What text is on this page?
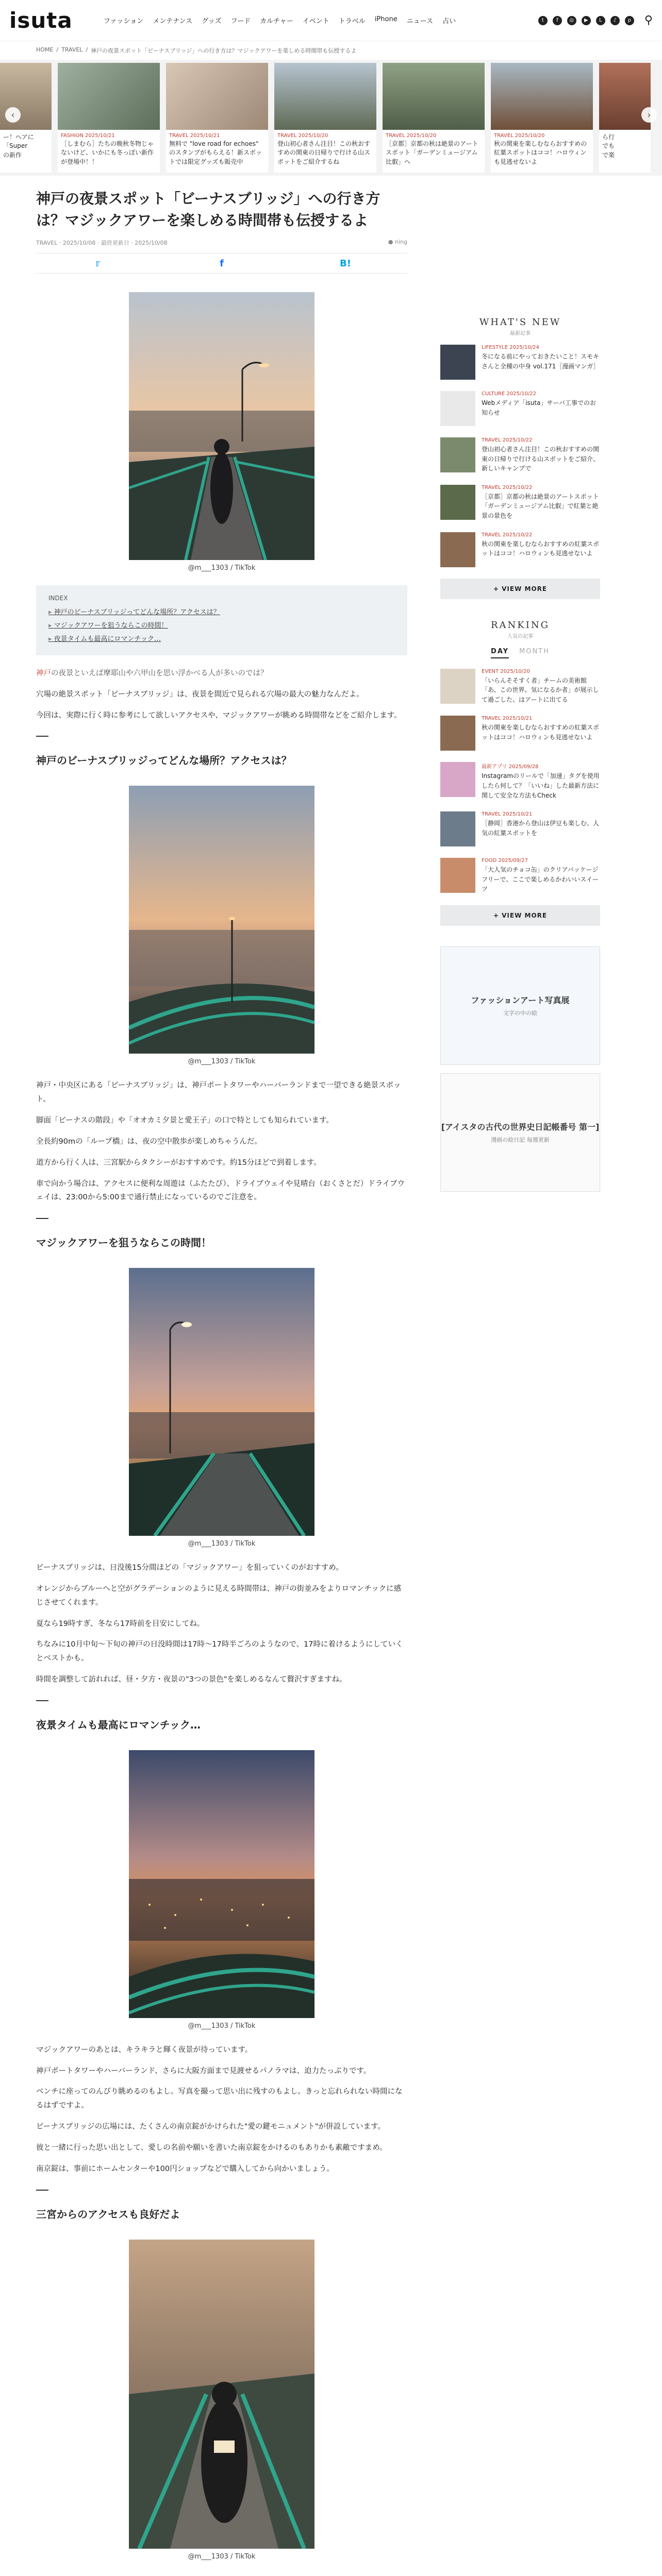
isuta	ファッション メンテナンス グッズ フード カルチャー イベント トラベル iPhone ニュース 占い	t	f	◎	▶	L	♪	p ⚲
HOME / TRAVEL / 神戸の夜景スポット「ビーナスブリッジ」への行き方は？マジックアワーを楽しめる時間帯も伝授するよ
ー！ヘアに
「Super
の新作
FASHION 2025/10/21
［しまむら］たちの晩秋冬物じゃないけど、いかにも冬っぽい新作が登場中！！
TRAVEL 2025/10/21
無料で "love road for echoes" のスタンプがもらえる！新スポットでは限定グッズも販売中
TRAVEL 2025/10/20
登山初心者さん注目！この秋おすすめの関東の日帰りで行ける山スポットをご紹介するね
TRAVEL 2025/10/20
［京都］京都の秋は絶景のアートスポット「ガーデンミュージアム比叡」へ
TRAVEL 2025/10/20
秋の関東を楽しむならおすすめの紅葉スポットはココ！ハロウィンも見逃せないよ
ら行
でも
で楽
‹	›
神戸の夜景スポット「ビーナスブリッジ」への行き方は？マジックアワーを楽しめる時間帯も伝授するよ
TRAVEL · 2025/10/08 · 最終更新日 · 2025/10/08	● ning
𝕣	f	B!
@m___1303 / TikTok
INDEX
▸ 神戸のビーナスブリッジってどんな場所？アクセスは？
▸ マジックアワーを狙うならこの時間！
▸ 夜景タイムも最高にロマンチック…

神戸の夜景といえば摩耶山や六甲山を思い浮かべる人が多いのでは？

穴場の絶景スポット「ビーナスブリッジ」は、夜景を間近で見られる穴場の最大の魅力なんだよ。

今回は、実際に行く時に参考にして欲しいアクセスや、マジックアワーが眺める時間帯などをご紹介します。

神戸のビーナスブリッジってどんな場所？アクセスは？
@m___1303 / TikTok

神戸・中央区にある「ビーナスブリッジ」は、神戸ポートタワーやハーバーランドまで一望できる絶景スポット。

脚面「ビーナスの階段」や「オオカミ夕景と愛王子」の口で特としても知られています。

全長約90mの「ループ橋」は、夜の空中散歩が楽しめちゃうんだ。

道方から行く人は、三宮駅からタクシーがおすすめです。約15分ほどで到着します。

車で向かう場合は、アクセスに便利な周遊は（ふたたび）、ドライブウェイや見晴台（おくさとだ）ドライブウェイは、23:00から5:00まで通行禁止になっているのでご注意を。

マジックアワーを狙うならこの時間！
@m___1303 / TikTok

ビーナスブリッジは、日没後15分間ほどの「マジックアワー」を狙っていくのがおすすめ。

オレンジからブルーへと空がグラデーションのように見える時間帯は、神戸の街並みをよりロマンチックに感じさせてくれます。

夏なら19時すぎ、冬なら17時前を目安にしてね。

ちなみに10月中旬〜下旬の神戸の日没時間は17時〜17時半ごろのようなので、17時に着けるようにしていくとベストかも。

時間を調整して訪れれば、昼・夕方・夜景の"3つの景色"を楽しめるなんて贅沢すぎますね。

夜景タイムも最高にロマンチック…
@m___1303 / TikTok

マジックアワーのあとは、キラキラと輝く夜景が待っています。

神戸ポートタワーやハーバーランド、さらに大阪方面まで見渡せるパノラマは、迫力たっぷりです。

ベンチに座ってのんびり眺めるのもよし。写真を撮って思い出に残すのもよし。きっと忘れられない時間になるはずですよ。

ビーナスブリッジの広場には、たくさんの南京錠がかけられた"愛の鍵モニュメント"が併設しています。

彼と一緒に行った思い出として、愛しの名前や願いを書いた南京錠をかけるのもありかも素敵ですまめ。

南京錠は、事前にホームセンターや100円ショップなどで購入してから向かいましょう。

三宮からのアクセスも良好だよ
@m___1303 / TikTok

WHAT'S NEW
最新記事
LIFESTYLE 2025/10/24
冬になる前にやっておきたいこと！スモキさんと全種の中身 vol.171［漫画マンガ］
CULTURE 2025/10/22
Webメディア「isuta」サーバ工事でのお知らせ
TRAVEL 2025/10/22
登山初心者さん注目！この秋おすすめの関東の日帰りで行ける山スポットをご紹介、新しいキャンプで
TRAVEL 2025/10/22
［京都］京都の秋は絶景のアートスポット「ガーデンミュージアム比叡」で紅葉と絶景の景色を
TRAVEL 2025/10/22
秋の関東を楽しむならおすすめの紅葉スポットはココ！ハロウィンも見逃せないよ
+ VIEW MORE
RANKING
人気の記事
DAY MONTH
EVENT 2025/10/20
「いらんそそすく者」チームの美術館「あ、この世界、気になるか者」が展示して過ごした、はアートに出てる
TRAVEL 2025/10/21
秋の関東を楽しむならおすすめの紅葉スポットはココ！ハロウィンも見逃せないよ
最新アプリ 2025/09/28
Instagramのリールで「加速」タグを使用したら何して？「いいね」した最新方法に関して安全な方法もCheck
TRAVEL 2025/10/21
［静岡］香港から登山は伊豆も楽しむ、人気の紅葉スポットを
FOOD 2025/09/27
「大人気のチョコ缶」のクリアパッケージフリーで、ここで楽しめるかわいいスイーツ
+ VIEW MORE
ファッションアート写真展
文字の中の絵
[アイスタの古代の世界史日記帳番号 第一]
漫画の絵日記 毎週更新
